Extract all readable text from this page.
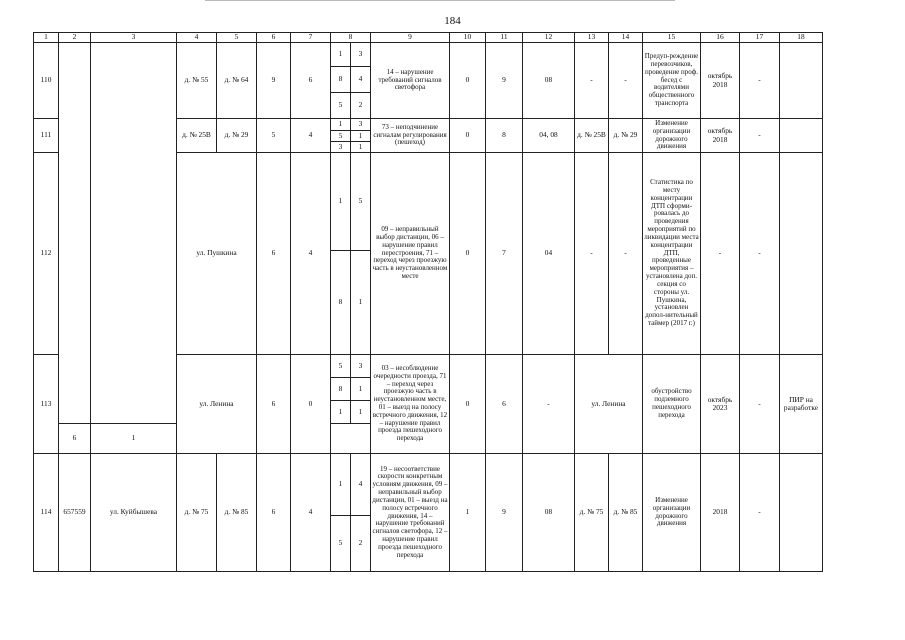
184
1	2	3	4	5	6	7	8		9	10	11	12	13	14	15	16	17	18
110			д. № 55	д. № 64	9	6	1	3	14 – нарушение требований сигналов светофора	0	9	08	-	-	Предуп-реждение перевозчиков, проведение проф. бесед с водителями общественного транспорта	октябрь 2018	-	
							8	4										
							5	2										
111			д. № 25В	д. № 29	5	4	1	3	73 – неподчинение сигналам регулирования (пешеход)	0	8	04, 08	д. № 25В	д. № 29	Изменение организации дорожного движения	октябрь 2018	-	
							5	1										
							3	1										
112			ул. Пушкина		6	4	1	5	09 – неправильный выбор дистанции, 06 – нарушение правил перестроения, 71 – переход через проезжую часть в неустановленном месте	0	7	04	-	-	Статистика по месту концентрации ДТП сформи-ровалась до проведения мероприятий по ликвидации места концентрации ДТП, проведенные мероприятия – установлена доп. секция со стороны ул. Пушкина, установлен допол-нительный таймер (2017 г.)	-	-	
							8	1										
113			ул. Ленина		6	0	5	3	03 – несоблюдение очередности проезда, 71 – переход через проезжую часть в неустановленном месте, 01 – выезд на полосу встречного движения, 12 – нарушение правил проезда пешеходного перехода	0	6	-	ул. Ленина		обустройство подземного пешеходного перехода	октябрь 2023	-	ПИР на разработке
							8	1										
							1	1										
	6	1																
114	657559	ул. Куйбышева	д. № 75	д. № 85	6	4	1	4	19 – несоответствие скорости конкретным условиям движения, 09 – неправильный выбор дистанции, 01 – выезд на полосу встречного движения, 14 – нарушение требований сигналов светофора, 12 – нарушение правил проезда пешеходного перехода	1	9	08	д. № 75	д. № 85	Изменение организации дорожного движения	2018	-	
							5	2										
